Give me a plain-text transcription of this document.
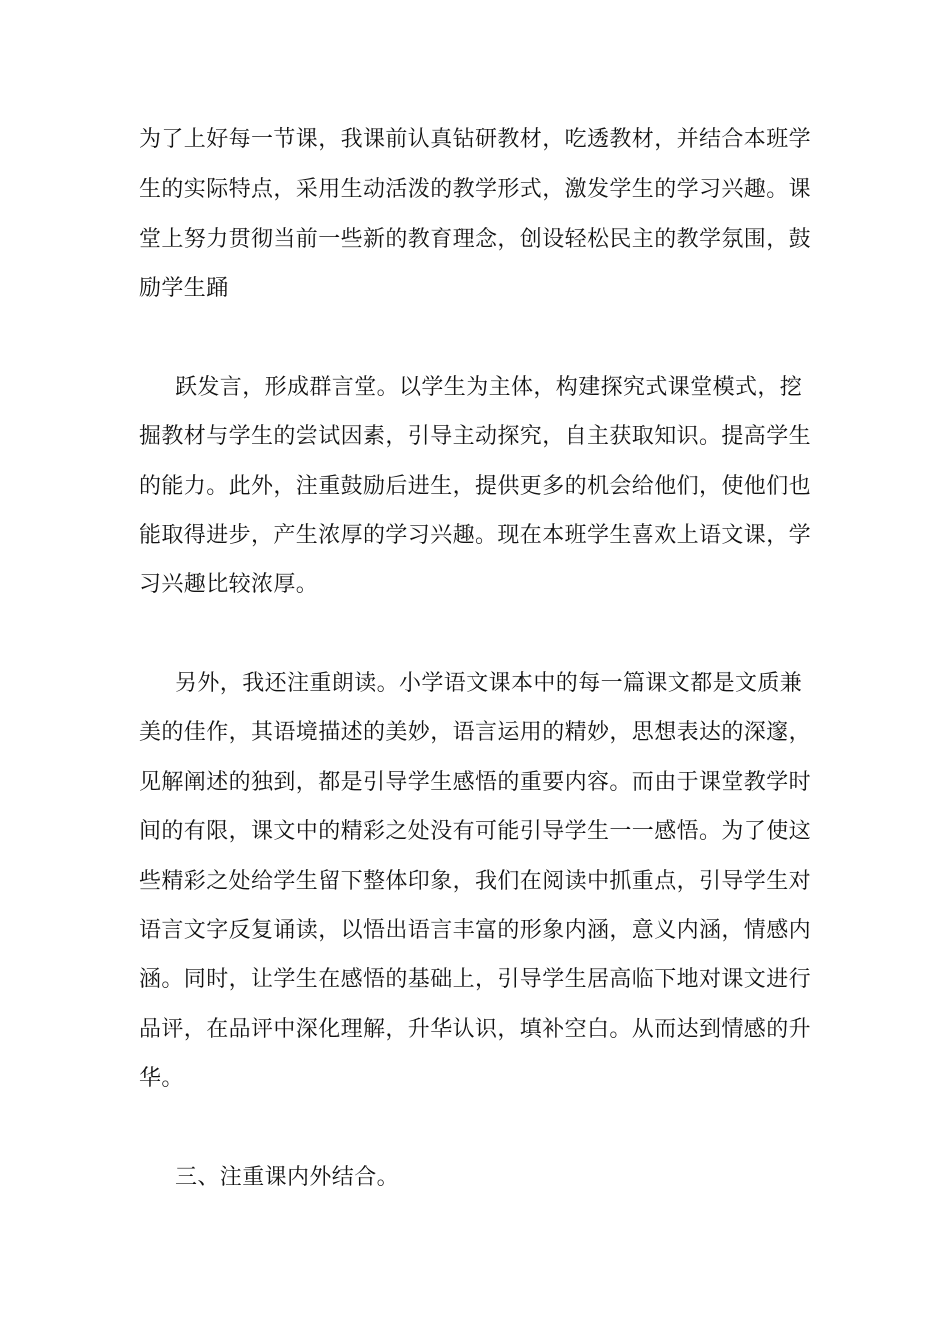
为了上好每一节课，我课前认真钻研教材，吃透教材，并结合本班学
生的实际特点，采用生动活泼的教学形式，激发学生的学习兴趣。课
堂上努力贯彻当前一些新的教育理念，创设轻松民主的教学氛围，鼓
励学生踊
跃发言，形成群言堂。以学生为主体，构建探究式课堂模式，挖
掘教材与学生的尝试因素，引导主动探究，自主获取知识。提高学生
的能力。此外，注重鼓励后进生，提供更多的机会给他们，使他们也
能取得进步，产生浓厚的学习兴趣。现在本班学生喜欢上语文课，学
习兴趣比较浓厚。
另外，我还注重朗读。小学语文课本中的每一篇课文都是文质兼
美的佳作，其语境描述的美妙，语言运用的精妙，思想表达的深邃，
见解阐述的独到，都是引导学生感悟的重要内容。而由于课堂教学时
间的有限，课文中的精彩之处没有可能引导学生一一感悟。为了使这
些精彩之处给学生留下整体印象，我们在阅读中抓重点，引导学生对
语言文字反复诵读，以悟出语言丰富的形象内涵，意义内涵，情感内
涵。同时，让学生在感悟的基础上，引导学生居高临下地对课文进行
品评，在品评中深化理解，升华认识，填补空白。从而达到情感的升
华。
三、注重课内外结合。
